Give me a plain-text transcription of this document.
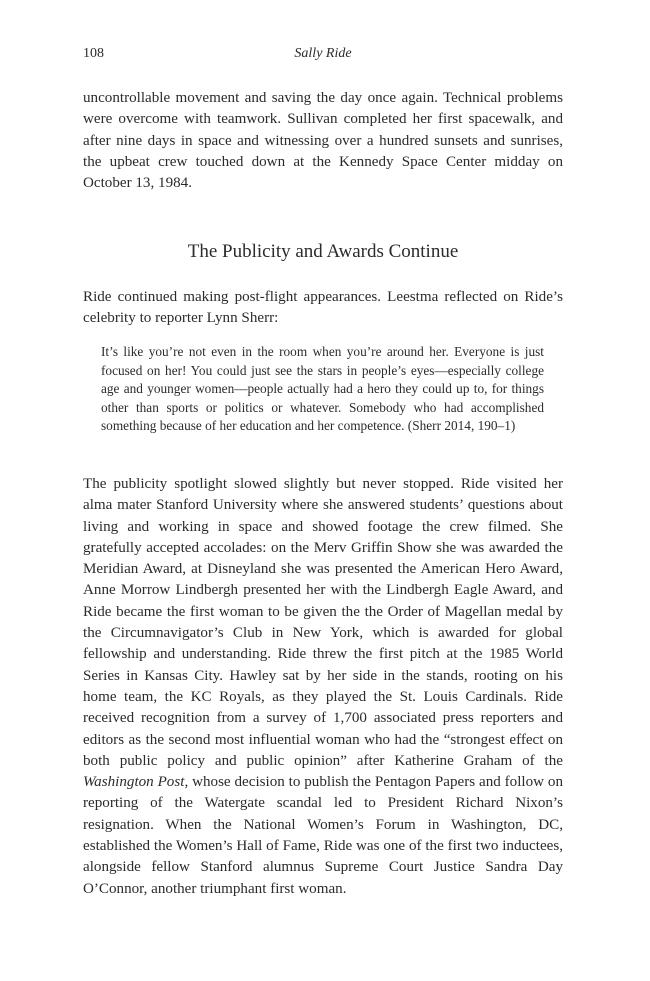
108	Sally Ride

uncontrollable movement and saving the day once again. Technical problems were overcome with teamwork. Sullivan completed her first spacewalk, and after nine days in space and witnessing over a hundred sunsets and sunrises, the upbeat crew touched down at the Kennedy Space Center midday on October 13, 1984.

The Publicity and Awards Continue

Ride continued making post-flight appearances. Leestma reflected on Ride’s celebrity to reporter Lynn Sherr:

It’s like you’re not even in the room when you’re around her. Everyone is just focused on her! You could just see the stars in people’s eyes—especially college age and younger women—people actually had a hero they could up to, for things other than sports or politics or whatever. Somebody who had accomplished something because of her education and her competence. (Sherr 2014, 190–1)

The publicity spotlight slowed slightly but never stopped. Ride visited her alma mater Stanford University where she answered students’ questions about living and working in space and showed footage the crew filmed. She gratefully accepted accolades: on the Merv Griffin Show she was awarded the Meridian Award, at Disneyland she was presented the American Hero Award, Anne Morrow Lindbergh presented her with the Lindbergh Eagle Award, and Ride became the first woman to be given the the Order of Magellan medal by the Circumnavigator’s Club in New York, which is awarded for global fellowship and understanding. Ride threw the first pitch at the 1985 World Series in Kansas City. Hawley sat by her side in the stands, rooting on his home team, the KC Royals, as they played the St. Louis Cardinals. Ride received recognition from a survey of 1,700 associated press reporters and editors as the second most influential woman who had the “strongest effect on both public policy and public opinion” after Katherine Graham of the Washington Post, whose decision to publish the Pentagon Papers and follow on reporting of the Watergate scandal led to President Richard Nixon’s resignation. When the National Women’s Forum in Washington, DC, established the Women’s Hall of Fame, Ride was one of the first two inductees, alongside fellow Stanford alumnus Supreme Court Justice Sandra Day O’Connor, another triumphant first woman.
